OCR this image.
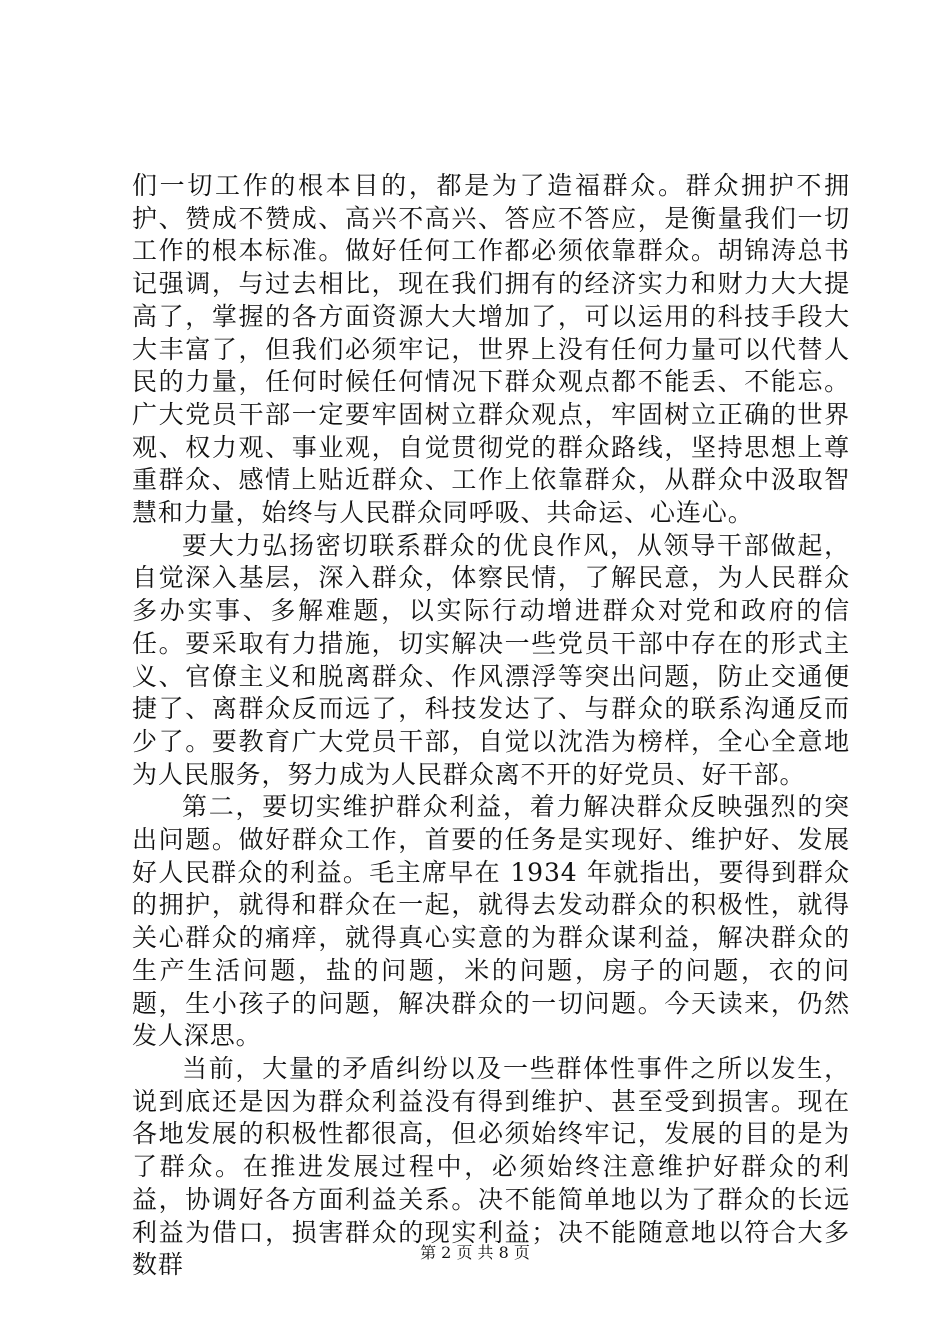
们一切工作的根本目的，都是为了造福群众。群众拥护不拥护、赞成不赞成、高兴不高兴、答应不答应，是衡量我们一切工作的根本标准。做好任何工作都必须依靠群众。胡锦涛总书记强调，与过去相比，现在我们拥有的经济实力和财力大大提高了，掌握的各方面资源大大增加了，可以运用的科技手段大大丰富了，但我们必须牢记，世界上没有任何力量可以代替人民的力量，任何时候任何情况下群众观点都不能丢、不能忘。广大党员干部一定要牢固树立群众观点，牢固树立正确的世界观、权力观、事业观，自觉贯彻党的群众路线，坚持思想上尊重群众、感情上贴近群众、工作上依靠群众，从群众中汲取智慧和力量，始终与人民群众同呼吸、共命运、心连心。

要大力弘扬密切联系群众的优良作风，从领导干部做起，自觉深入基层，深入群众，体察民情，了解民意，为人民群众多办实事、多解难题，以实际行动增进群众对党和政府的信任。要采取有力措施，切实解决一些党员干部中存在的形式主义、官僚主义和脱离群众、作风漂浮等突出问题，防止交通便捷了、离群众反而远了，科技发达了、与群众的联系沟通反而少了。要教育广大党员干部，自觉以沈浩为榜样，全心全意地为人民服务，努力成为人民群众离不开的好党员、好干部。

第二，要切实维护群众利益，着力解决群众反映强烈的突出问题。做好群众工作，首要的任务是实现好、维护好、发展好人民群众的利益。毛主席早在 1934 年就指出，要得到群众的拥护，就得和群众在一起，就得去发动群众的积极性，就得关心群众的痛痒，就得真心实意的为群众谋利益，解决群众的生产生活问题，盐的问题，米的问题，房子的问题，衣的问题，生小孩子的问题，解决群众的一切问题。今天读来，仍然发人深思。

当前，大量的矛盾纠纷以及一些群体性事件之所以发生，说到底还是因为群众利益没有得到维护、甚至受到损害。现在各地发展的积极性都很高，但必须始终牢记，发展的目的是为了群众。在推进发展过程中，必须始终注意维护好群众的利益，协调好各方面利益关系。决不能简单地以为了群众的长远利益为借口，损害群众的现实利益；决不能随意地以符合大多数群	第 2 页 共 8 页
